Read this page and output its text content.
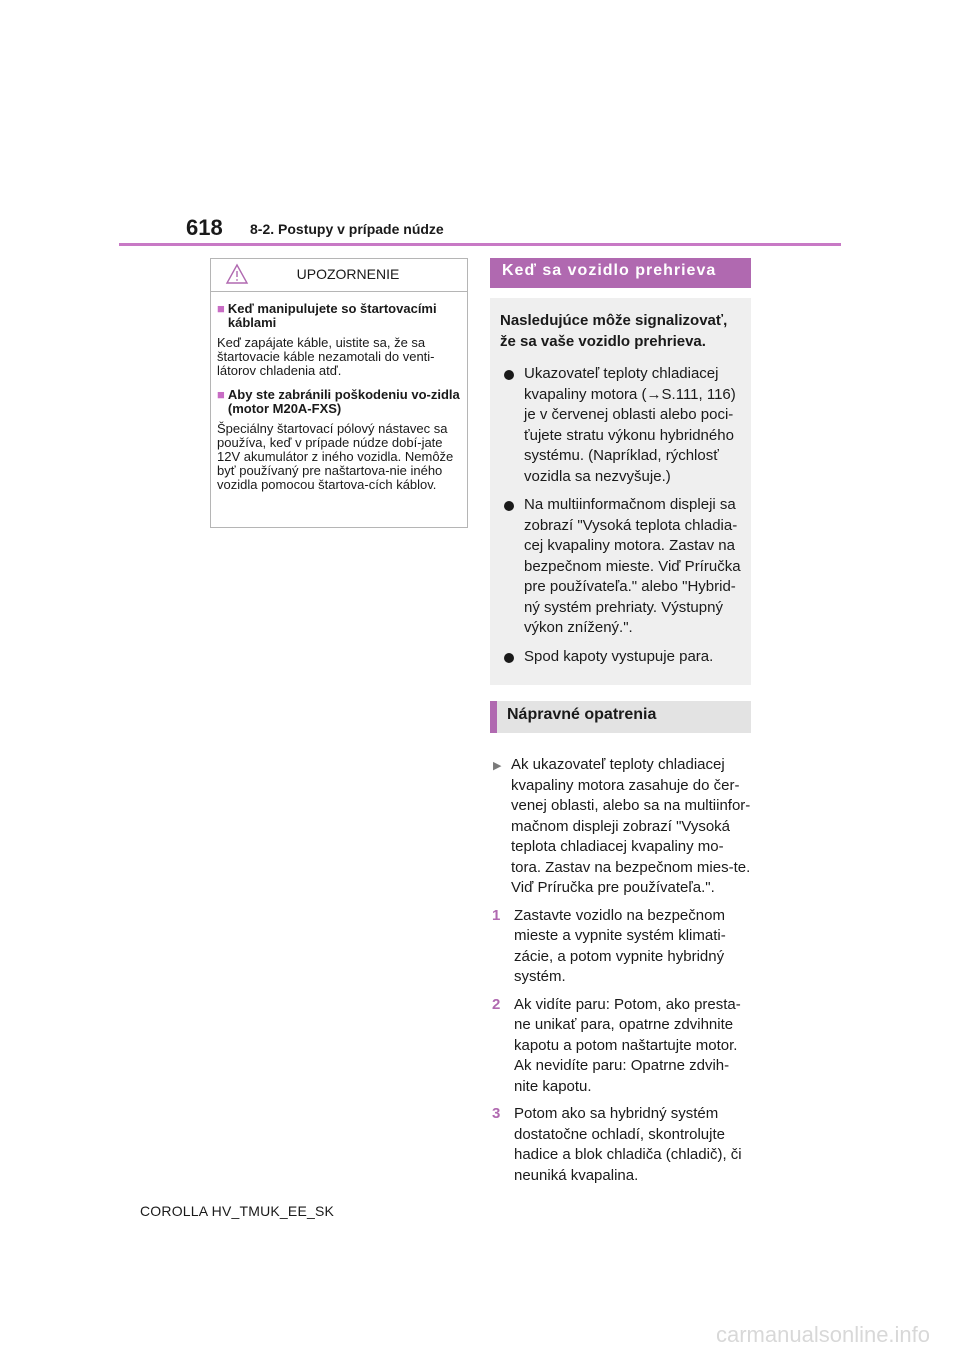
618 8-2. Postupy v prípade núdze
UPOZORNENIE
■ Keď manipulujete so štartovacími káblami
Keď zapájate káble, uistite sa, že sa štartovacie káble nezamotali do venti-látorov chladenia atď.
■ Aby ste zabránili poškodeniu vo-zidla (motor M20A-FXS)
Špeciálny štartovací pólový nástavec sa používa, keď v prípade núdze dobí-jate 12V akumulátor z iného vozidla. Nemôže byť používaný pre naštartova-nie iného vozidla pomocou štartova-cích káblov.
Keď sa vozidlo prehrieva
Nasledujúce môže signalizovať, že sa vaše vozidlo prehrieva.
Ukazovateľ teploty chladiacej kvapaliny motora (→S.111, 116) je v červenej oblasti alebo poci-ťujete stratu výkonu hybridného systému. (Napríklad, rýchlosť vozidla sa nezvyšuje.)
Na multiinformačnom displeji sa zobrazí "Vysoká teplota chladia-cej kvapaliny motora. Zastav na bezpečnom mieste. Viď Príručka pre používateľa." alebo "Hybrid-ný systém prehriaty. Výstupný výkon znížený.".
Spod kapoty vystupuje para.
Nápravné opatrenia
▶ Ak ukazovateľ teploty chladiacej kvapaliny motora zasahuje do čer-venej oblasti, alebo sa na multiinfor-mačnom displeji zobrazí "Vysoká teplota chladiacej kvapaliny mo-tora. Zastav na bezpečnom mies-te. Viď Príručka pre používateľa.".
1 Zastavte vozidlo na bezpečnom mieste a vypnite systém klimati-zácie, a potom vypnite hybridný systém.
2 Ak vidíte paru: Potom, ako presta-ne unikať para, opatrne zdvihnite kapotu a potom naštartujte motor. Ak nevidíte paru: Opatrne zdvih-nite kapotu.
3 Potom ako sa hybridný systém dostatočne ochladí, skontrolujte hadice a blok chladiča (chladič), či neuniká kvapalina.
COROLLA HV_TMUK_EE_SK
carmanualsonline.info
